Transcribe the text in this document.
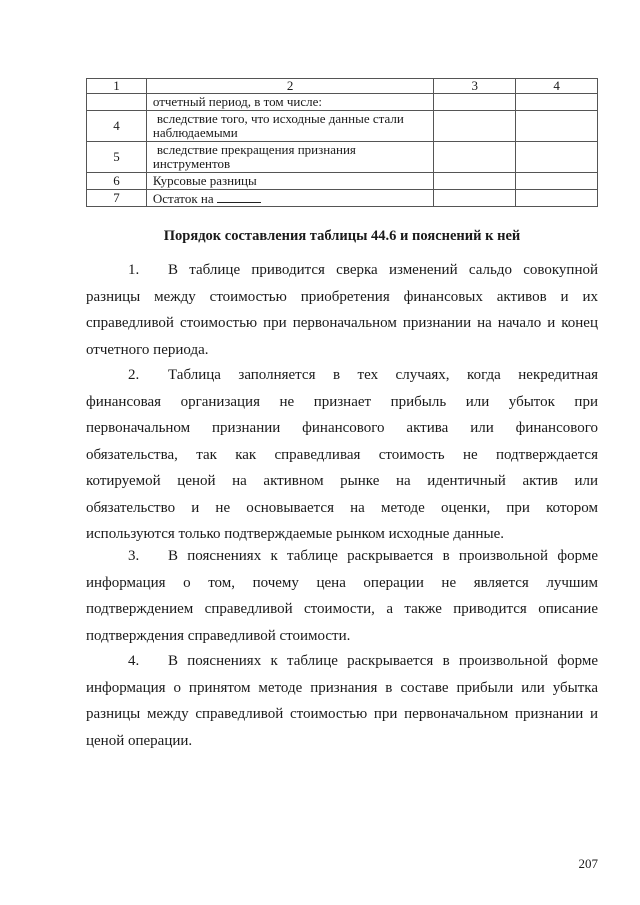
1	2	3	4
	отчетный период, в том числе:		
4	вследствие того, что исходные данные стали
наблюдаемыми		

5	вследствие прекращения признания
инструментов		

6	Курсовые разницы		
7	Остаток на		
Порядок составления таблицы 44.6 и пояснений к ней
1. В таблице приводится сверка изменений сальдо совокупной
разницы между стоимостью приобретения финансовых активов и их
справедливой стоимостью при первоначальном признании на начало и конец
отчетного периода.
2. Таблица заполняется в тех случаях, когда некредитная
финансовая организация не признает прибыль или убыток при
первоначальном признании финансового актива или финансового
обязательства, так как справедливая стоимость не подтверждается
котируемой ценой на активном рынке на идентичный актив или
обязательство и не основывается на методе оценки, при котором
используются только подтверждаемые рынком исходные данные.
3. В пояснениях к таблице раскрывается в произвольной форме
информация о том, почему цена операции не является лучшим
подтверждением справедливой стоимости, а также приводится описание
подтверждения справедливой стоимости.
4. В пояснениях к таблице раскрывается в произвольной форме
информация о принятом методе признания в составе прибыли или убытка
разницы между справедливой стоимостью при первоначальном признании и
ценой операции.
207
